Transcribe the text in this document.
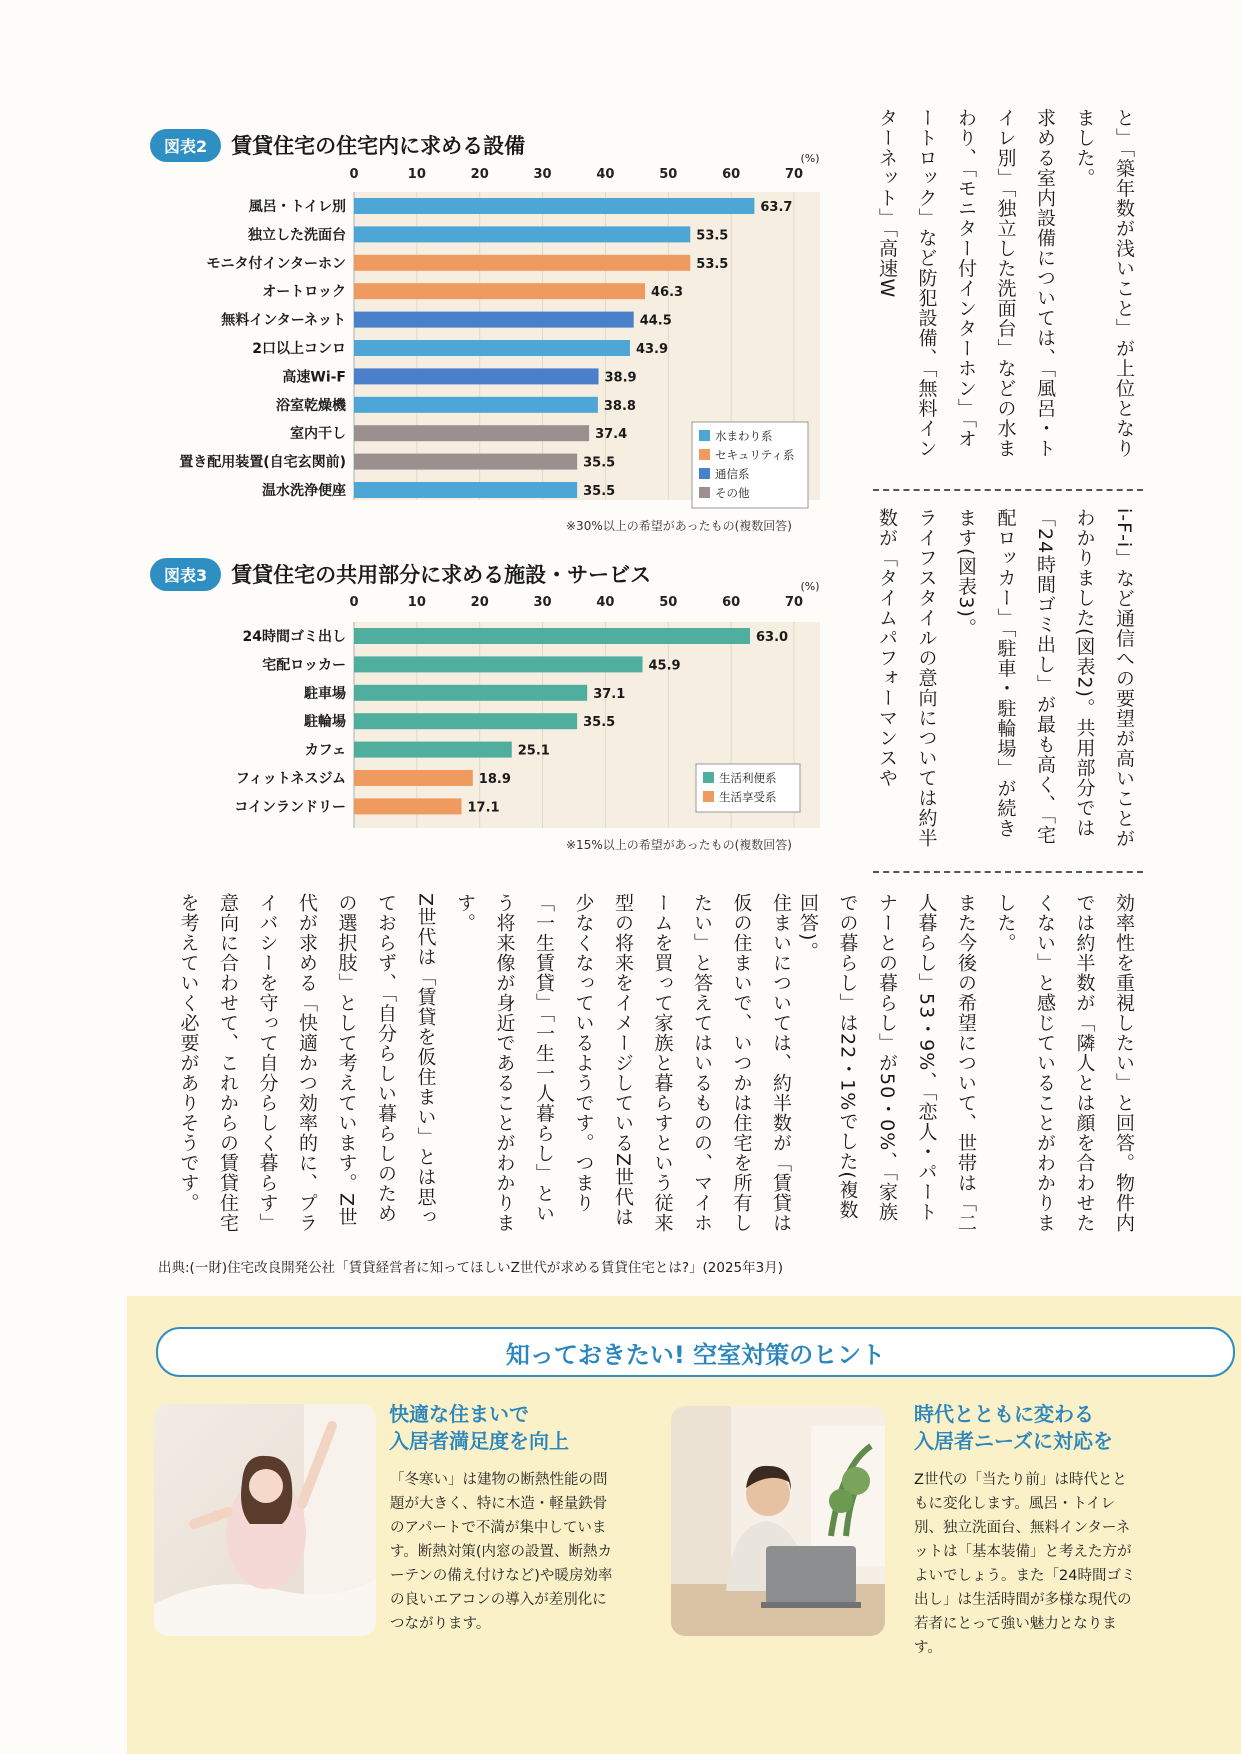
図表2	賃貸住宅の住宅内に求める設備
0	10	20	30	40	50	60	70
(%)
風呂・トイレ別	63.7
独立した洗面台	53.5
モニタ付インターホン	53.5
オートロック	46.3
無料インターネット	44.5
2口以上コンロ	43.9
高速Wi-F	38.9
浴室乾燥機	38.8
室内干し	37.4
置き配用装置(自宅玄関前)	35.5
温水洗浄便座	35.5
水まわり系
セキュリティ系
通信系
その他
※30%以上の希望があったもの(複数回答)
図表3	賃貸住宅の共用部分に求める施設・サービス
0	10	20	30	40	50	60	70
(%)
24時間ゴミ出し	63.0
宅配ロッカー	45.9
駐車場	37.1
駐輪場	35.5
カフェ	25.1
フィットネスジム	18.9
コインランドリー	17.1
生活利便系
生活享受系
※15%以上の希望があったもの(複数回答)
と」「築年数が浅いこと」が上位となりました。
求める室内設備については、「風呂・トイレ別」「独立した洗面台」などの水まわり、「モニター付インターホン」「オートロック」など防犯設備、「無料インターネット」「高速W
i-F-i」など通信への要望が高いことがわかりました(図表2)。共用部分では「24時間ゴミ出し」が最も高く、「宅配ロッカー」「駐車・駐輪場」が続きます(図表3)。
ライフスタイルの意向については約半数が「タイムパフォーマンスや
効率性を重視したい」と回答。物件内では約半数が「隣人とは顔を合わせたくない」と感じていることがわかりました。
また今後の希望について、世帯は「二人暮らし」53・9%、「恋人・パートナーとの暮らし」が50・0%、「家族での暮らし」は22・1%でした(複数回答)。
住まいについては、約半数が「賃貸は仮の住まいで、いつかは住宅を所有したい」と答えてはいるものの、マイホームを買って家族と暮らすという従来型の将来をイメージしているZ世代は少なくなっているようです。つまり「一生賃貸」「一生一人暮らし」という将来像が身近であることがわかります。
Z世代は「賃貸を仮住まい」とは思っておらず、「自分らしい暮らしのための選択肢」として考えています。Z世代が求める「快適かつ効率的に、プライバシーを守って自分らしく暮らす」意向に合わせて、これからの賃貸住宅を考えていく必要がありそうです。
出典:(一財)住宅改良開発公社「賃貸経営者に知ってほしいZ世代が求める賃貸住宅とは?」(2025年3月)
知っておきたい! 空室対策のヒント
快適な住まいで
入居者満足度を向上
「冬寒い」は建物の断熱性能の問題が大きく、特に木造・軽量鉄骨のアパートで不満が集中しています。断熱対策(内窓の設置、断熱カーテンの備え付けなど)や暖房効率の良いエアコンの導入が差別化につながります。
時代とともに変わる
入居者ニーズに対応を
Z世代の「当たり前」は時代とともに変化します。風呂・トイレ別、独立洗面台、無料インターネットは「基本装備」と考えた方がよいでしょう。また「24時間ゴミ出し」は生活時間が多様な現代の若者にとって強い魅力となります。
